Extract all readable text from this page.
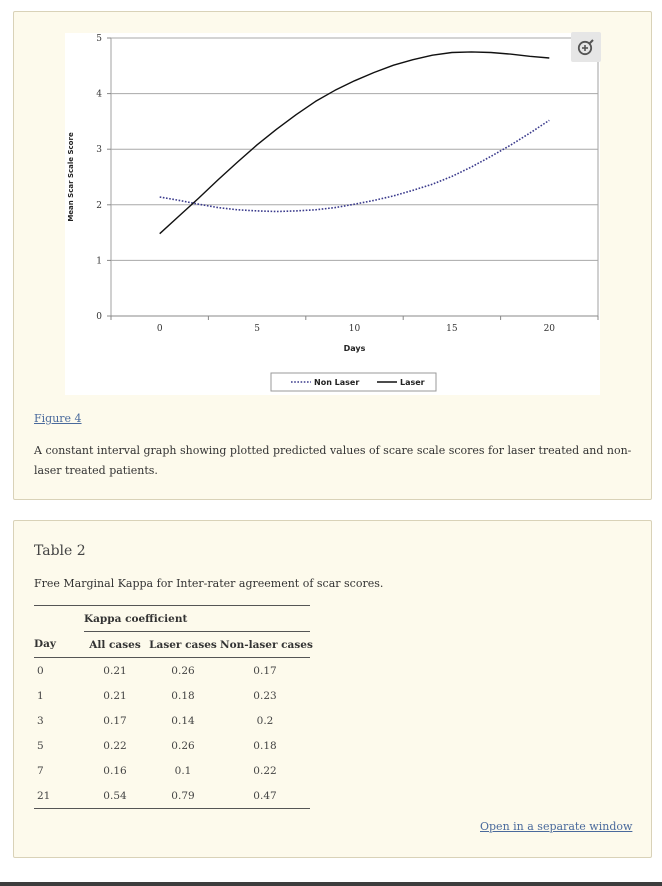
0
1
2
3
4
5
0	5	10	15	20
Days
Mean Scar Scale Score
Non Laser	Laser
Figure 4
A constant interval graph showing plotted predicted values of scare scale scores for laser treated and non-laser treated patients.
Table 2
Free Marginal Kappa for Inter-rater agreement of scar scores.
	Kappa coefficient		
Day	All cases	Laser cases	Non-laser cases
0	0.21	0.26	0.17
1	0.21	0.18	0.23
3	0.17	0.14	0.2
5	0.22	0.26	0.18
7	0.16	0.1	0.22
21	0.54	0.79	0.47
Open in a separate window
